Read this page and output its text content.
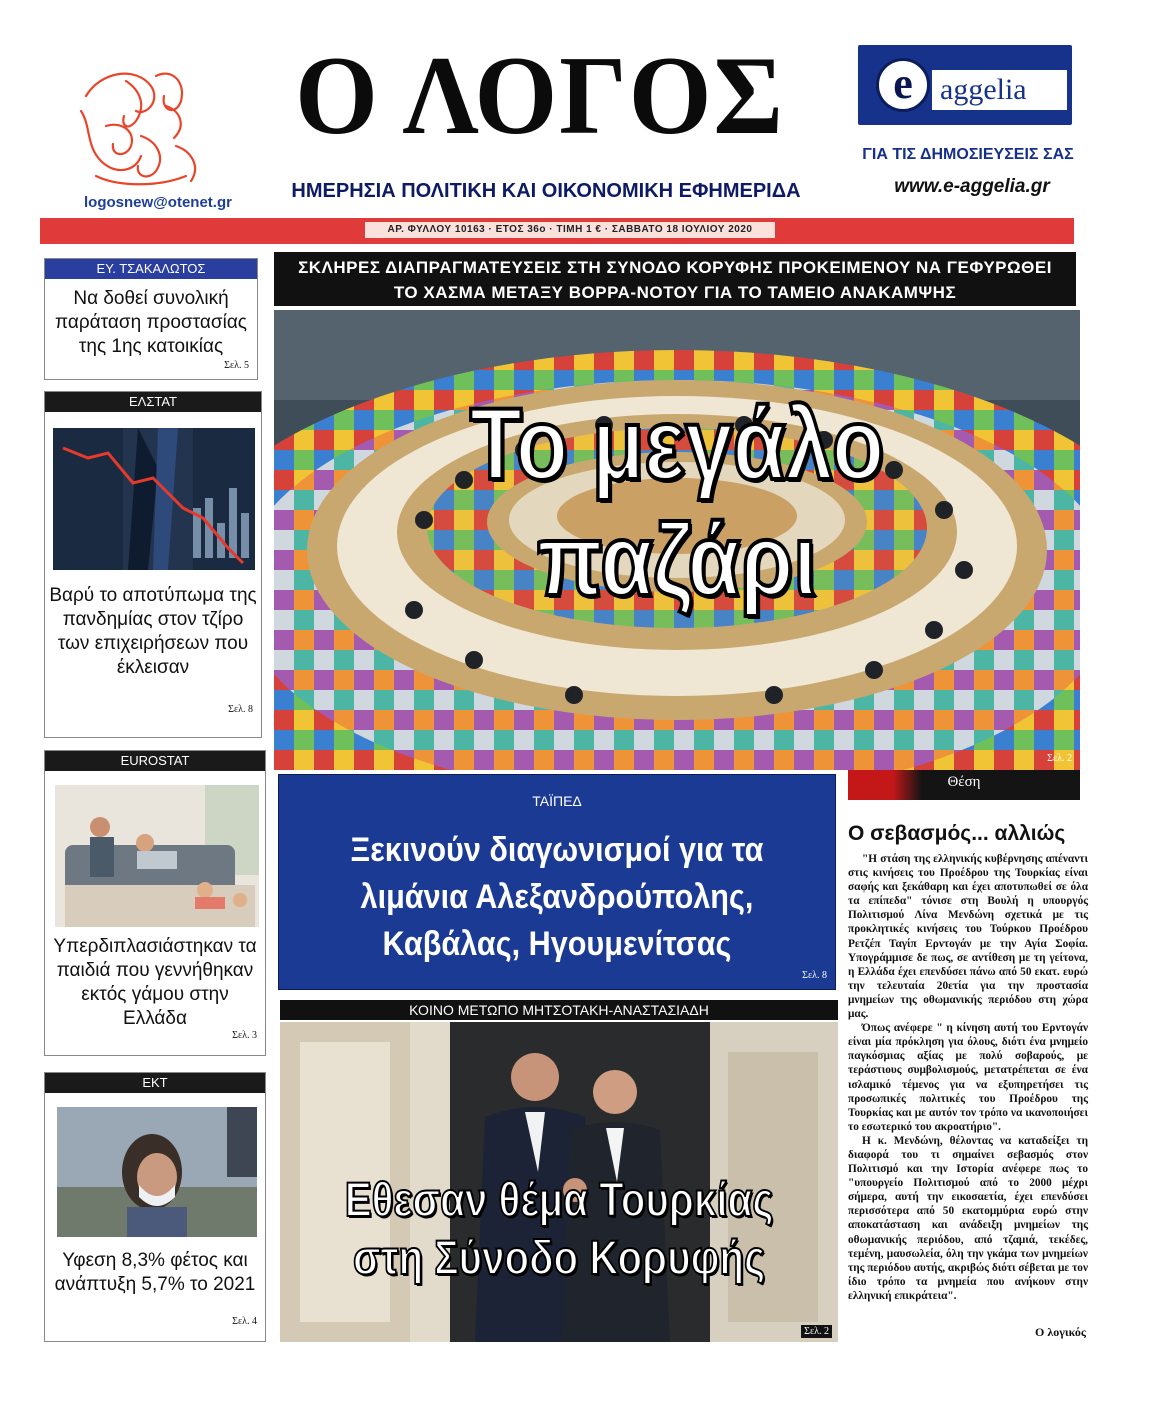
logosnew@otenet.gr
Ο ΛΟΓΟΣ
ΗΜΕΡΗΣΙΑ ΠΟΛΙΤΙΚΗ ΚΑΙ ΟΙΚΟΝΟΜΙΚΗ ΕΦΗΜΕΡΙΔΑ
e aggelia
ΓΙΑ ΤΙΣ ΔΗΜΟΣΙΕΥΣΕΙΣ ΣΑΣ
www.e-aggelia.gr
ΑΡ. ΦΥΛΛΟΥ 10163 · ΕΤΟΣ 36ο · ΤΙΜΗ 1 € · ΣΑΒΒΑΤΟ 18 ΙΟΥΛΙΟΥ 2020
ΕΥ. ΤΣΑΚΑΛΩΤΟΣ
Να δοθεί συνολική παράταση προστασίας της 1ης κατοικίας
Σελ. 5
ΕΛΣΤΑΤ
Βαρύ το αποτύπωμα της πανδημίας στον τζίρο των επιχειρήσεων που έκλεισαν
Σελ. 8
EUROSTAT
Υπερδιπλασιάστηκαν τα παιδιά που γεννήθηκαν εκτός γάμου στην Ελλάδα
Σελ. 3
ΕΚΤ
Υφεση 8,3% φέτος και ανάπτυξη 5,7% το 2021
Σελ. 4
ΣΚΛΗΡΕΣ ΔΙΑΠΡΑΓΜΑΤΕΥΣΕΙΣ ΣΤΗ ΣΥΝΟΔΟ ΚΟΡΥΦΗΣ ΠΡΟΚΕΙΜΕΝΟΥ ΝΑ ΓΕΦΥΡΩΘΕΙ
ΤΟ ΧΑΣΜΑ ΜΕΤΑΞΥ ΒΟΡΡΑ-ΝΟΤΟΥ ΓΙΑ ΤΟ ΤΑΜΕΙΟ ΑΝΑΚΑΜΨΗΣ
Το μεγάλο
παζάρι
Σελ. 2
ΤΑΪΠΕΔ
Ξεκινούν διαγωνισμοί για τα λιμάνια Αλεξανδρούπολης, Καβάλας, Ηγουμενίτσας
Σελ. 8
ΚΟΙΝΟ ΜΕΤΩΠΟ ΜΗΤΣΟΤΑΚΗ-ΑΝΑΣΤΑΣΙΑΔΗ
Εθεσαν θέμα Τουρκίας
στη Σύνοδο Κορυφής
Σελ. 2
Θέση
Ο σεβασμός... αλλιώς

"Η στάση της ελληνικής κυβέρνησης απέναντι στις κινήσεις του Προέδρου της Τουρκίας είναι σαφής και ξεκάθαρη και έχει αποτυπωθεί σε όλα τα επίπεδα" τόνισε στη Βουλή η υπουργός Πολιτισμού Λίνα Μενδώνη σχετικά με τις προκλητικές κινήσεις του Τούρκου Προέδρου Ρετζέπ Ταγίπ Ερντογάν με την Αγία Σοφία. Υπογράμμισε δε πως, σε αντίθεση με τη γείτονα, η Ελλάδα έχει επενδύσει πάνω από 50 εκατ. ευρώ την τελευταία 20ετία για την προστασία μνημείων της οθωμανικής περιόδου στη χώρα μας.

Όπως ανέφερε " η κίνηση αυτή του Ερντογάν είναι μία πρόκληση για όλους, διότι ένα μνημείο παγκόσμιας αξίας με πολύ σοβαρούς, με τεράστιους συμβολισμούς, μετατρέπεται σε ένα ισλαμικό τέμενος για να εξυπηρετήσει τις προσωπικές πολιτικές του Προέδρου της Τουρκίας και με αυτόν τον τρόπο να ικανοποιήσει το εσωτερικό του ακροατήριο".

Η κ. Μενδώνη, θέλοντας να καταδείξει τη διαφορά του τι σημαίνει σεβασμός στον Πολιτισμό και την Ιστορία ανέφερε πως το "υπουργείο Πολιτισμού από το 2000 μέχρι σήμερα, αυτή την εικοσαετία, έχει επενδύσει περισσότερα από 50 εκατομμύρια ευρώ στην αποκατάσταση και ανάδειξη μνημείων της οθωμανικής περιόδου, από τζαμιά, τεκέδες, τεμένη, μαυσωλεία, όλη την γκάμα των μνημείων της περιόδου αυτής, ακριβώς διότι σέβεται με τον ίδιο τρόπο τα μνημεία που ανήκουν στην ελληνική επικράτεια".

Ο λογικός
